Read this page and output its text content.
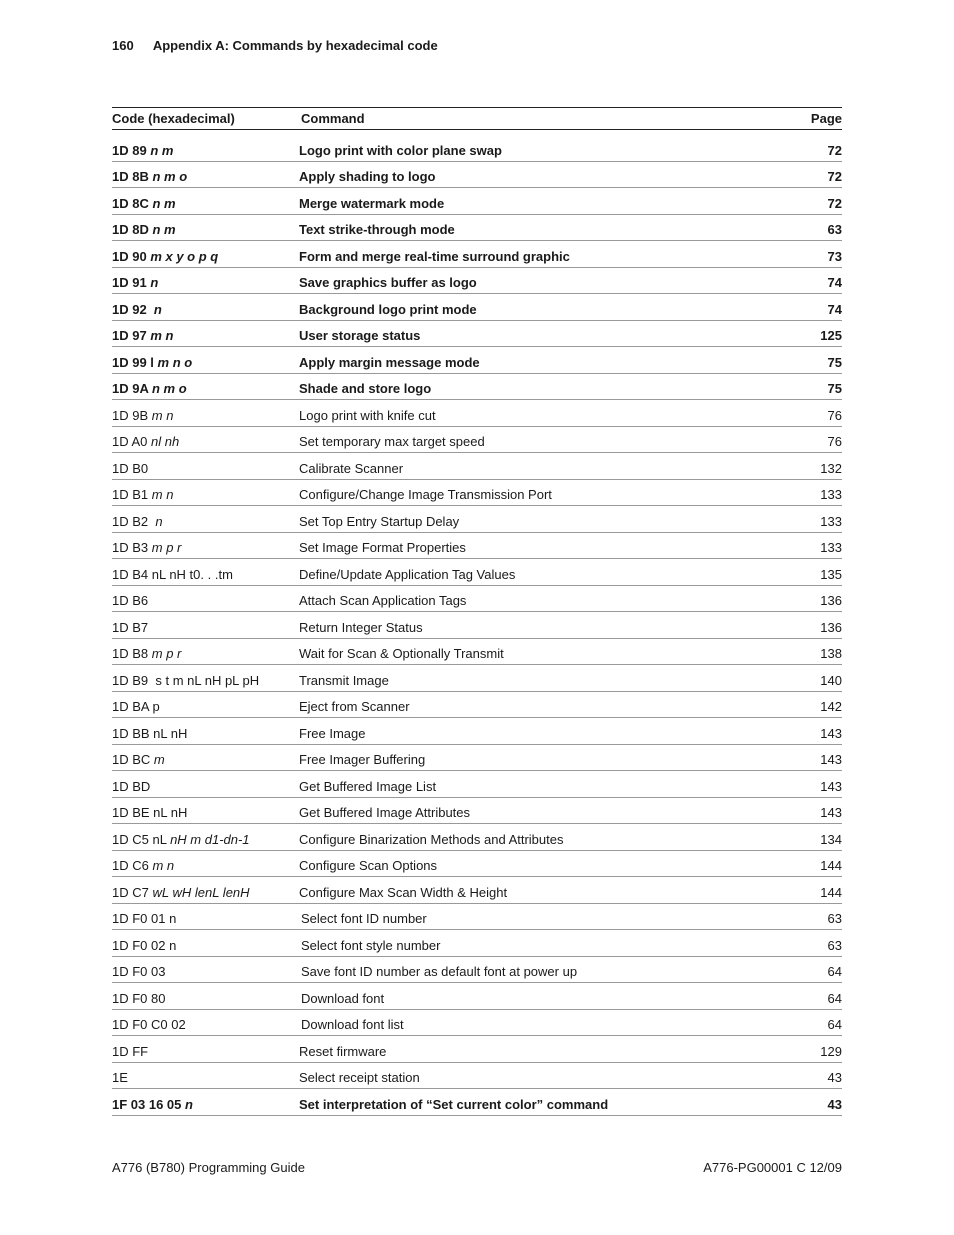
160 Appendix A: Commands by hexadecimal code
Code (hexadecimal)	Command	Page
1D 89 n m	Logo print with color plane swap	72
1D 8B n m o	Apply shading to logo	72
1D 8C n m	Merge watermark mode	72
1D 8D n m	Text strike-through mode	63
1D 90 m x y o p q	Form and merge real-time surround graphic	73
1D 91 n	Save graphics buffer as logo	74
1D 92  n	Background logo print mode	74
1D 97 m n	User storage status	125
1D 99 l m n o	Apply margin message mode	75
1D 9A n m o	Shade and store logo	75
1D 9B m n	Logo print with knife cut	76
1D A0 nl nh	Set temporary max target speed	76
1D B0	Calibrate Scanner	132
1D B1 m n	Configure/Change Image Transmission Port	133
1D B2  n	Set Top Entry Startup Delay	133
1D B3 m p r	Set Image Format Properties	133
1D B4 nL nH t0. . .tm	Define/Update Application Tag Values	135
1D B6	Attach Scan Application Tags	136
1D B7	Return Integer Status	136
1D B8 m p r	Wait for Scan & Optionally Transmit	138
1D B9  s t m nL nH pL pH	Transmit Image	140
1D BA p	Eject from Scanner	142
1D BB nL nH	Free Image	143
1D BC m	Free Imager Buffering	143
1D BD	Get Buffered Image List	143
1D BE nL nH	Get Buffered Image Attributes	143
1D C5 nL nH m d1-dn-1	Configure Binarization Methods and Attributes	134
1D C6 m n	Configure Scan Options	144
1D C7 wL wH lenL lenH	Configure Max Scan Width & Height	144
1D F0 01 n	Select font ID number	63
1D F0 02 n	Select font style number	63
1D F0 03	Save font ID number as default font at power up	64
1D F0 80	Download font	64
1D F0 C0 02	Download font list	64
1D FF	Reset firmware	129
1E	Select receipt station	43
1F 03 16 05 n	Set interpretation of “Set current color” command	43
A776 (B780) Programming Guide	A776-PG00001 C 12/09
